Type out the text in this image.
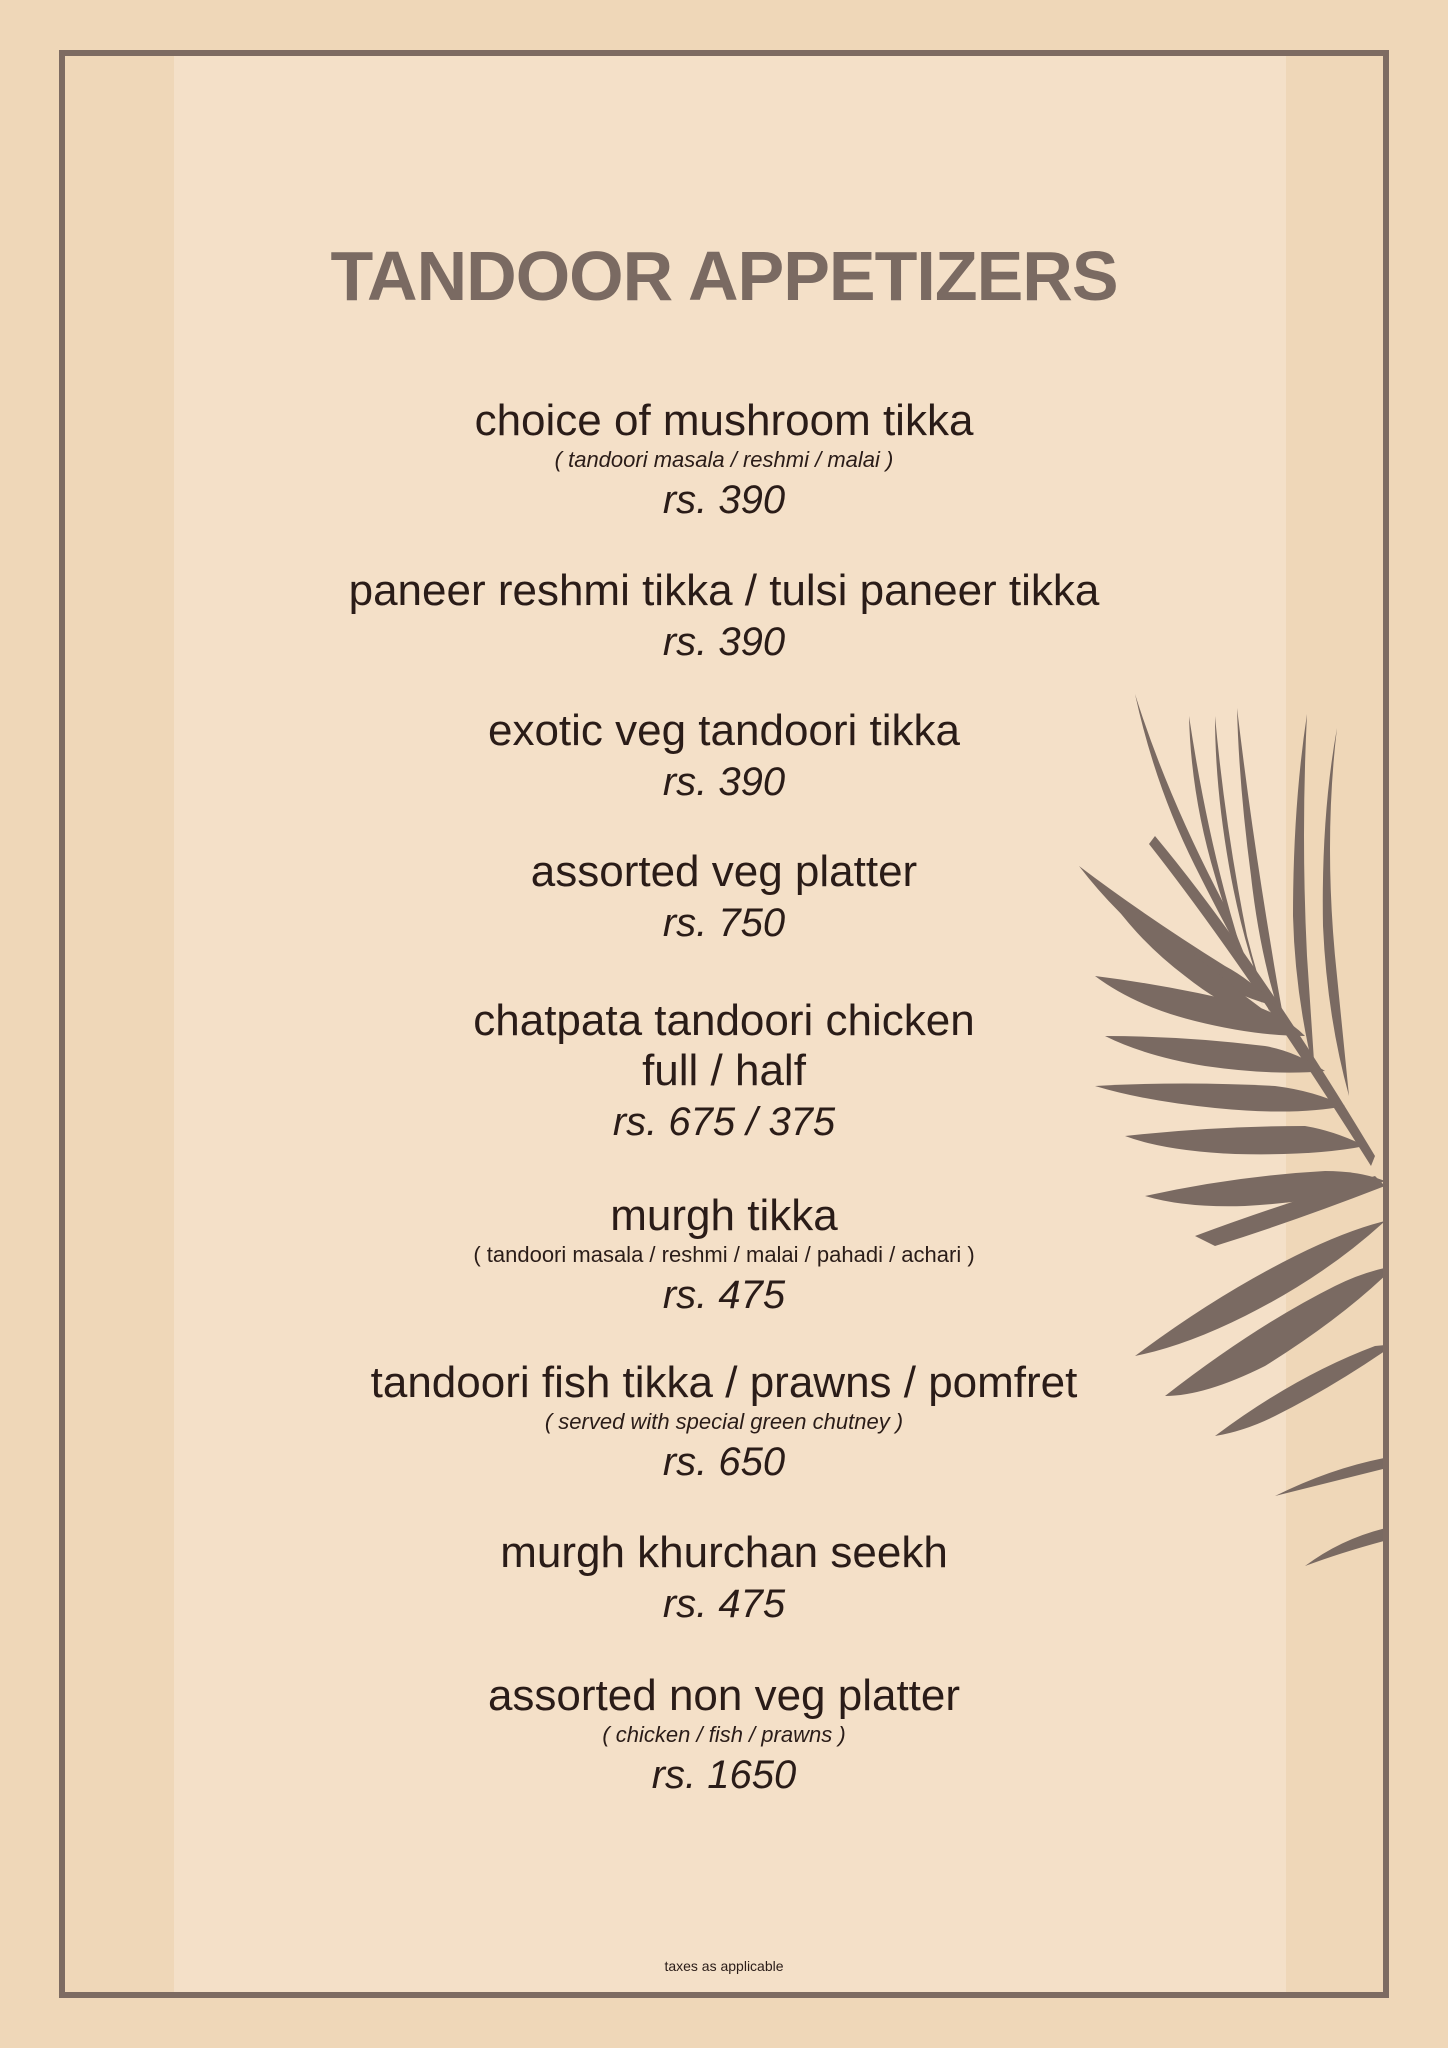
TANDOOR APPETIZERS
choice of mushroom tikka
( tandoori masala / reshmi / malai )
rs. 390
paneer reshmi tikka / tulsi paneer tikka
rs. 390
exotic veg tandoori tikka
rs. 390
assorted veg platter
rs. 750
chatpata tandoori chicken
full / half
rs. 675 / 375
murgh tikka
( tandoori masala / reshmi / malai / pahadi / achari )
rs. 475
tandoori fish tikka / prawns / pomfret
( served with special green chutney )
rs. 650
murgh khurchan seekh
rs. 475
assorted non veg platter
( chicken / fish / prawns )
rs. 1650
taxes as applicable
